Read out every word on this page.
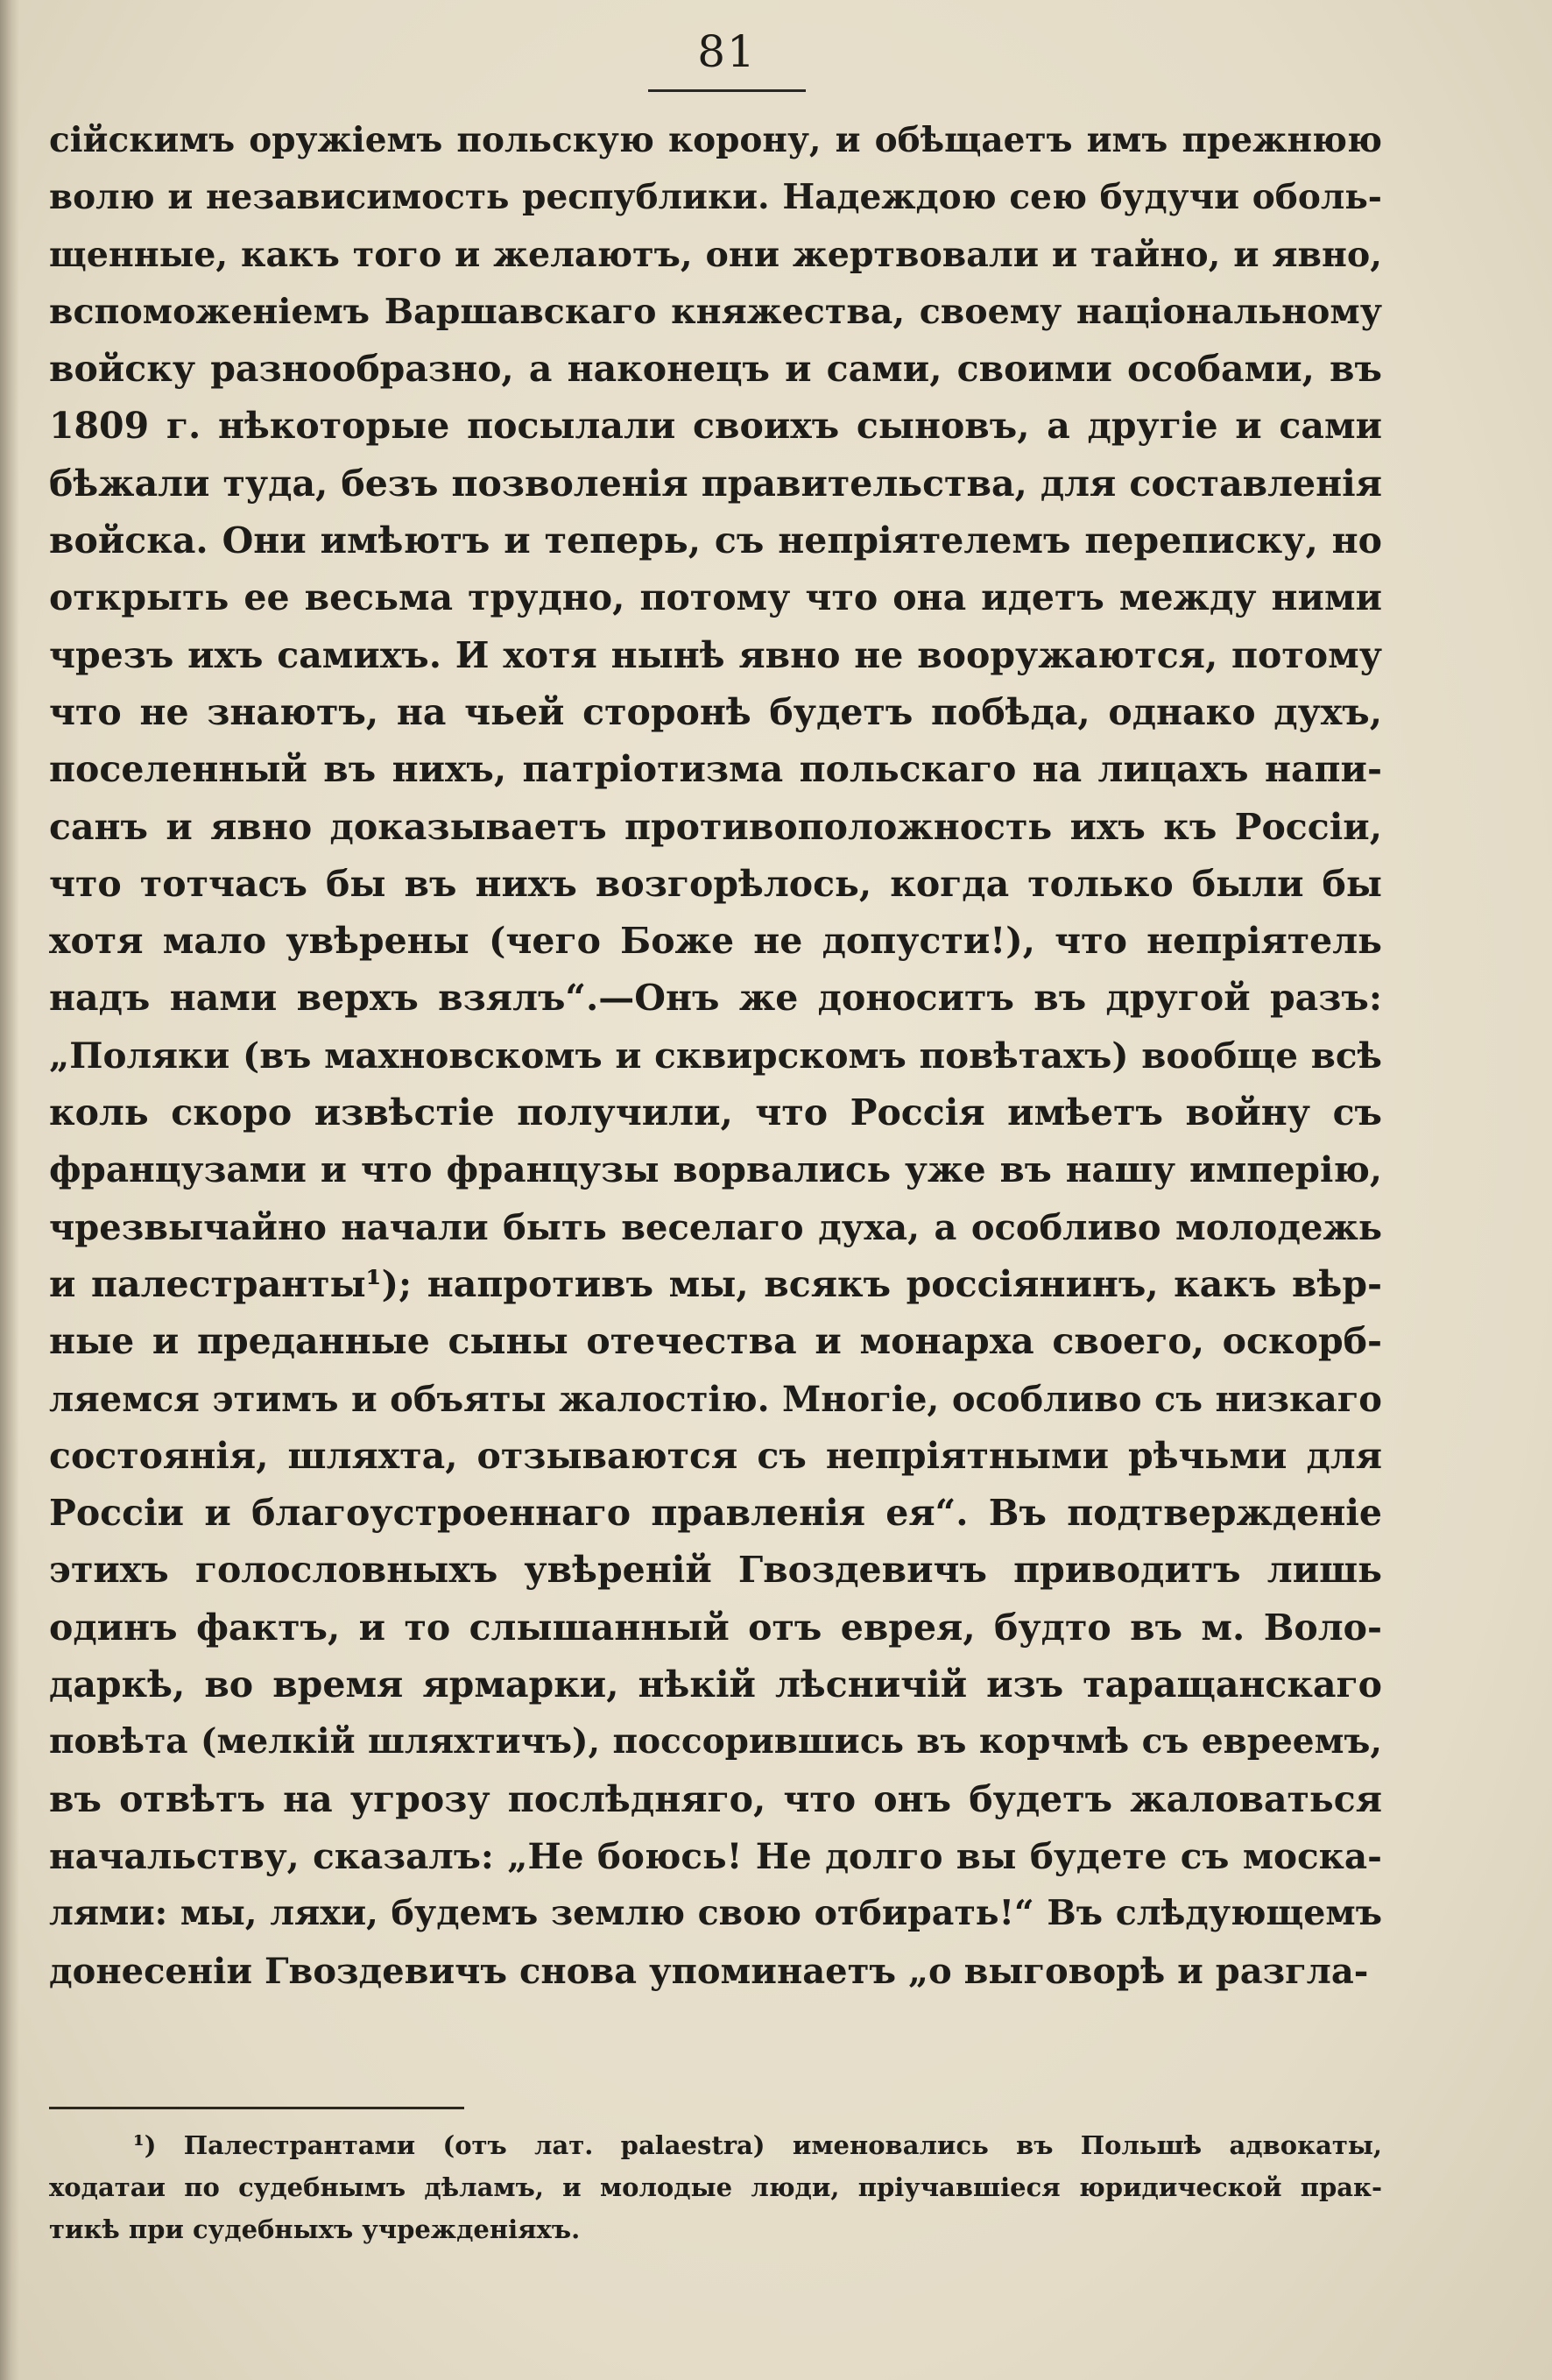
81
сійскимъ оружіемъ польскую корону, и обѣщаетъ имъ прежнюю
волю и независимость республики. Надеждою сею будучи оболь-
щенные, какъ того и желаютъ, они жертвовали и тайно, и явно,
вспоможеніемъ Варшавскаго княжества, своему національному
войску разнообразно, а наконецъ и сами, своими особами, въ
1809 г. нѣкоторые посылали своихъ сыновъ, а другіе и сами
бѣжали туда, безъ позволенія правительства, для составленія
войска. Они имѣютъ и теперь, съ непріятелемъ переписку, но
открыть ее весьма трудно, потому что она идетъ между ними
чрезъ ихъ самихъ. И хотя нынѣ явно не вооружаются, потому
что не знаютъ, на чьей сторонѣ будетъ побѣда, однако духъ,
поселенный въ нихъ, патріотизма польскаго на лицахъ напи-
санъ и явно доказываетъ противоположность ихъ къ Россіи,
что тотчасъ бы въ нихъ возгорѣлось, когда только были бы
хотя мало увѣрены (чего Боже не допусти!), что непріятель
надъ нами верхъ взялъ“.—Онъ же доноситъ въ другой разъ:
„Поляки (въ махновскомъ и сквирскомъ повѣтахъ) вообще всѣ
коль скоро извѣстіе получили, что Россія имѣетъ войну съ
французами и что французы ворвались уже въ нашу имперію,
чрезвычайно начали быть веселаго духа, а особливо молодежь
и палестранты¹); напротивъ мы, всякъ россіянинъ, какъ вѣр-
ные и преданные сыны отечества и монарха своего, оскорб-
ляемся этимъ и объяты жалостію. Многіе, особливо съ низкаго
состоянія, шляхта, отзываются съ непріятными рѣчьми для
Россіи и благоустроеннаго правленія ея“. Въ подтвержденіе
этихъ голословныхъ увѣреній Гвоздевичъ приводитъ лишь
одинъ фактъ, и то слышанный отъ еврея, будто въ м. Воло-
даркѣ, во время ярмарки, нѣкій лѣсничій изъ таращанскаго
повѣта (мелкій шляхтичъ), поссорившись въ корчмѣ съ евреемъ,
въ отвѣтъ на угрозу послѣдняго, что онъ будетъ жаловаться
начальству, сказалъ: „Не боюсь! Не долго вы будете съ москa-
лями: мы, ляхи, будемъ землю свою отбирать!“ Въ слѣдующемъ
донесеніи Гвоздевичъ снова упоминаетъ „о выговорѣ и разгла-
¹) Палестрантами (отъ лат. palaestra) именовались въ Польшѣ адвокаты,
ходатаи по судебнымъ дѣламъ, и молодые люди, пріучавшіеся юридической прак-
тикѣ при судебныхъ учрежденіяхъ.
